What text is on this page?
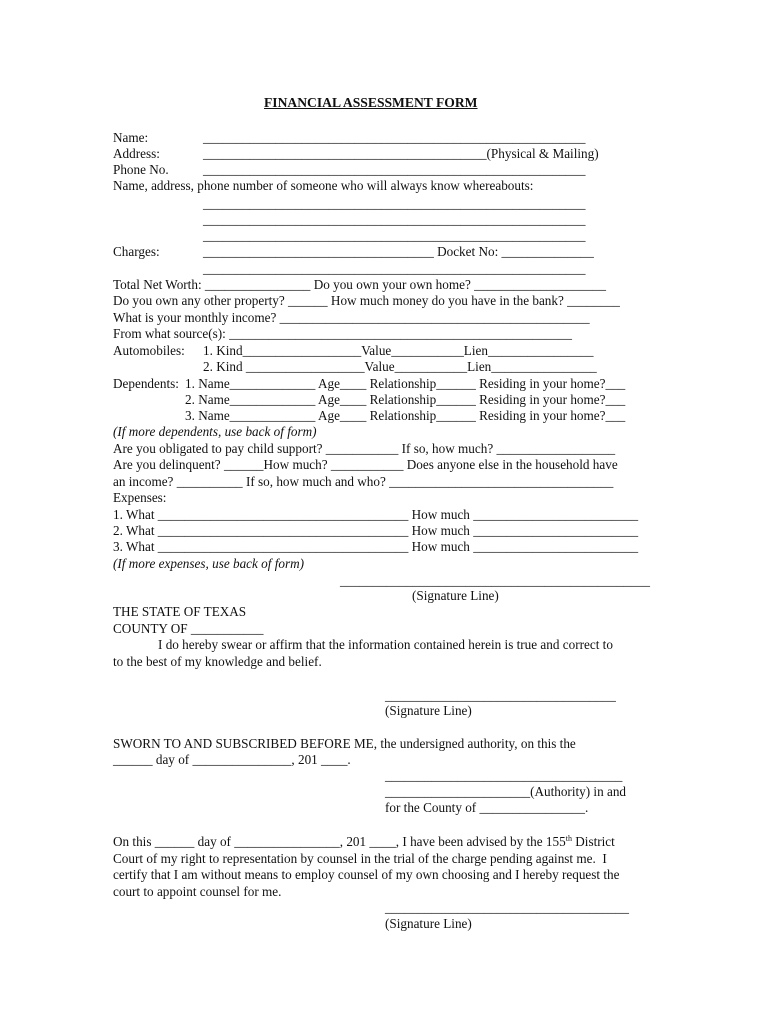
FINANCIAL ASSESSMENT FORM
Name:	__________________________________________________________
Address:	___________________________________________(Physical & Mailing)
Phone No.	__________________________________________________________
Name, address, phone number of someone who will always know whereabouts:
__________________________________________________________
__________________________________________________________
__________________________________________________________
Charges:	___________________________________ Docket No: ______________
__________________________________________________________
Total Net Worth: ________________ Do you own your own home? ____________________
Do you own any other property? ______ How much money do you have in the bank? ________
What is your monthly income? _______________________________________________
From what source(s): ____________________________________________________
Automobiles: 1. Kind__________________Value___________Lien________________
2. Kind __________________Value___________Lien________________
Dependents: 1. Name_____________ Age____ Relationship______ Residing in your home?___
2. Name_____________ Age____ Relationship______ Residing in your home?___
3. Name_____________ Age____ Relationship______ Residing in your home?___
(If more dependents, use back of form)
Are you obligated to pay child support? ___________ If so, how much? __________________
Are you delinquent? ______How much? ___________ Does anyone else in the household have
an income? __________ If so, how much and who? __________________________________
Expenses:
1. What ______________________________________ How much _________________________
2. What ______________________________________ How much _________________________
3. What ______________________________________ How much _________________________
(If more expenses, use back of form)
_______________________________________________
(Signature Line)
THE STATE OF TEXAS
COUNTY OF ___________
I do hereby swear or affirm that the information contained herein is true and correct to
to the best of my knowledge and belief.
___________________________________
(Signature Line)
SWORN TO AND SUBSCRIBED BEFORE ME, the undersigned authority, on this the
______ day of _______________, 201 ____.
____________________________________
______________________(Authority) in and
for the County of ________________.
On this ______ day of ________________, 201 ____, I have been advised by the 155th District
Court of my right to representation by counsel in the trial of the charge pending against me.  I
certify that I am without means to employ counsel of my own choosing and I hereby request the
court to appoint counsel for me.
_____________________________________
(Signature Line)
